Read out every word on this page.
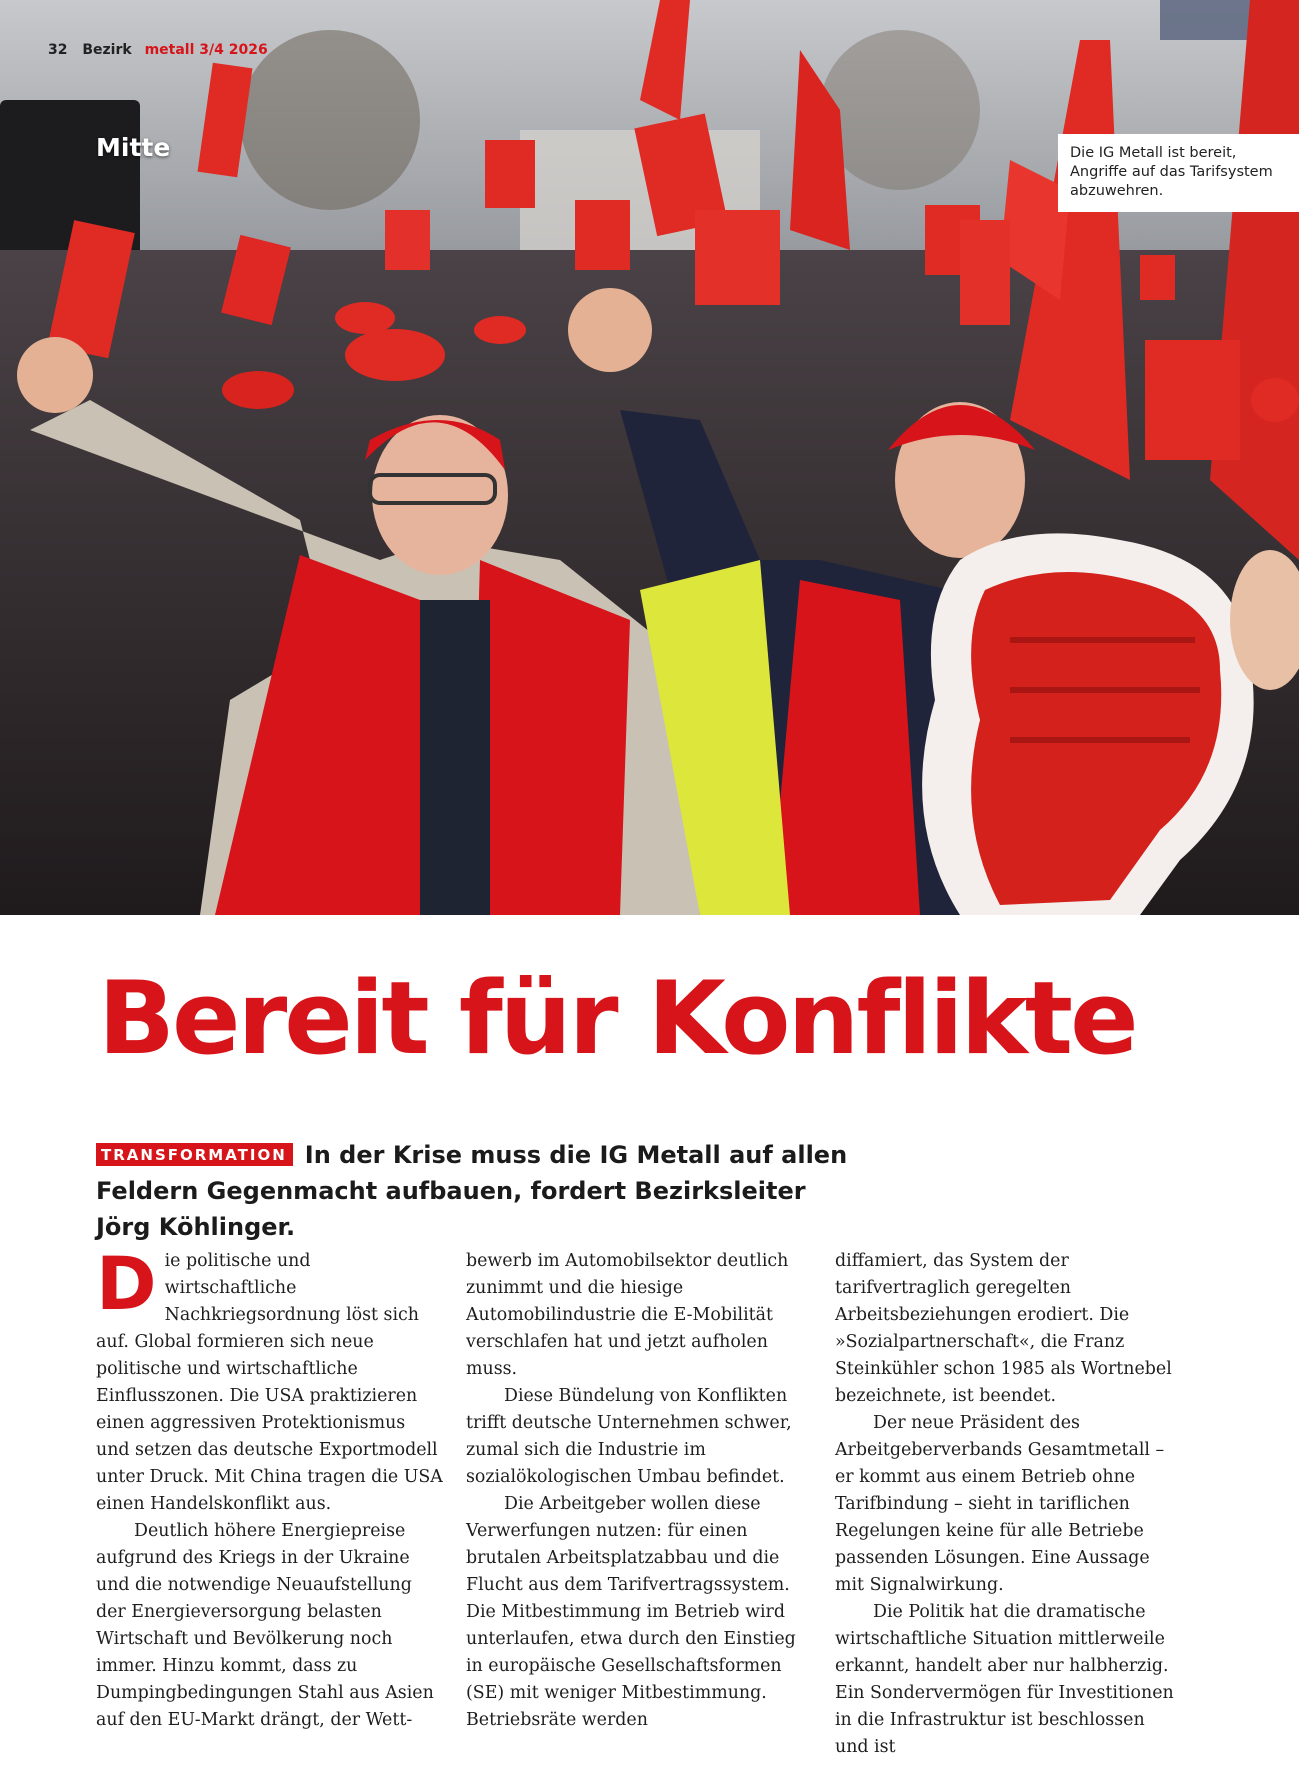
32 Bezirk metall 3/4 2026
Mitte	Die IG Metall ist bereit, Angriffe auf das Tarifsystem abzuwehren.
Bereit für Konflikte
TRANSFORMATION In der Krise muss die IG Metall auf allen Feldern Gegenmacht aufbauen, fordert Bezirksleiter Jörg Köhlinger.
D ie politische und wirtschaftliche Nachkriegsordnung löst sich auf. Global formieren sich neue politische und wirtschaftliche Einflusszonen. Die USA praktizieren einen aggressiven Protektionismus und setzen das deutsche Exportmodell unter Druck. Mit China tragen die USA einen Handelskonflikt aus.

Deutlich höhere Energiepreise aufgrund des Kriegs in der Ukraine und die notwendige Neuaufstellung der Energieversorgung belasten Wirtschaft und Bevölkerung noch immer. Hinzu kommt, dass zu Dumpingbedingungen Stahl aus Asien auf den EU-Markt drängt, der Wett-

bewerb im Automobilsektor deutlich zunimmt und die hiesige Automobilindustrie die E-Mobilität verschlafen hat und jetzt aufholen muss.

Diese Bündelung von Konflikten trifft deutsche Unternehmen schwer, zumal sich die Industrie im sozialökologischen Umbau befindet.

Die Arbeitgeber wollen diese Verwerfungen nutzen: für einen brutalen Arbeitsplatzabbau und die Flucht aus dem Tarifvertragssystem. Die Mitbestimmung im Betrieb wird unterlaufen, etwa durch den Einstieg in europäische Gesellschaftsformen (SE) mit weniger Mitbestimmung. Betriebsräte werden

diffamiert, das System der tarifvertraglich geregelten Arbeitsbeziehungen erodiert. Die »Sozialpartnerschaft«, die Franz Steinkühler schon 1985 als Wortnebel bezeichnete, ist beendet.

Der neue Präsident des Arbeitgeberverbands Gesamtmetall – er kommt aus einem Betrieb ohne Tarifbindung – sieht in tariflichen Regelungen keine für alle Betriebe passenden Lösungen. Eine Aussage mit Signalwirkung.

Die Politik hat die dramatische wirtschaftliche Situation mittlerweile erkannt, handelt aber nur halbherzig. Ein Sondervermögen für Investitionen in die Infrastruktur ist beschlossen und ist
